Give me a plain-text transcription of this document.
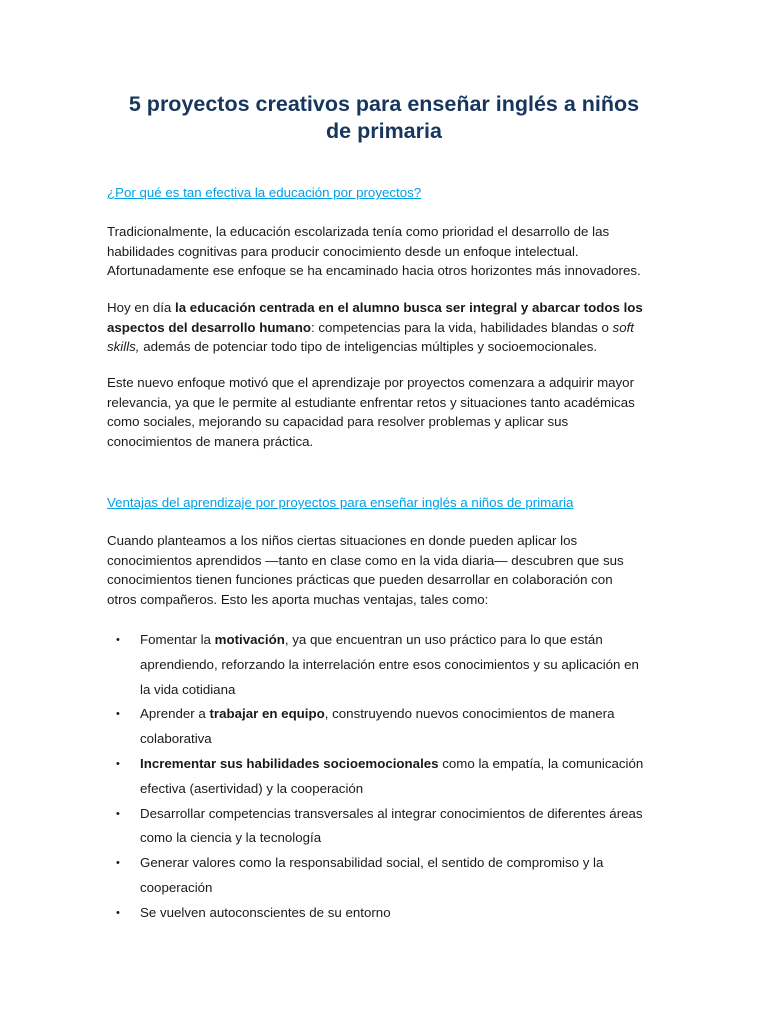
5 proyectos creativos para enseñar inglés a niños
de primaria
¿Por qué es tan efectiva la educación por proyectos?

Tradicionalmente, la educación escolarizada tenía como prioridad el desarrollo de las
habilidades cognitivas para producir conocimiento desde un enfoque intelectual.
Afortunadamente ese enfoque se ha encaminado hacia otros horizontes más innovadores.

Hoy en día la educación centrada en el alumno busca ser integral y abarcar todos los
aspectos del desarrollo humano: competencias para la vida, habilidades blandas o soft
skills, además de potenciar todo tipo de inteligencias múltiples y socioemocionales.

Este nuevo enfoque motivó que el aprendizaje por proyectos comenzara a adquirir mayor
relevancia, ya que le permite al estudiante enfrentar retos y situaciones tanto académicas
como sociales, mejorando su capacidad para resolver problemas y aplicar sus
conocimientos de manera práctica.

Ventajas del aprendizaje por proyectos para enseñar inglés a niños de primaria

Cuando planteamos a los niños ciertas situaciones en donde pueden aplicar los
conocimientos aprendidos —tanto en clase como en la vida diaria— descubren que sus
conocimientos tienen funciones prácticas que pueden desarrollar en colaboración con
otros compañeros. Esto les aporta muchas ventajas, tales como:

• Fomentar la motivación, ya que encuentran un uso práctico para lo que están
aprendiendo, reforzando la interrelación entre esos conocimientos y su aplicación en
la vida cotidiana
• Aprender a trabajar en equipo, construyendo nuevos conocimientos de manera
colaborativa
• Incrementar sus habilidades socioemocionales como la empatía, la comunicación
efectiva (asertividad) y la cooperación
• Desarrollar competencias transversales al integrar conocimientos de diferentes áreas
como la ciencia y la tecnología
• Generar valores como la responsabilidad social, el sentido de compromiso y la
cooperación
• Se vuelven autoconscientes de su entorno
